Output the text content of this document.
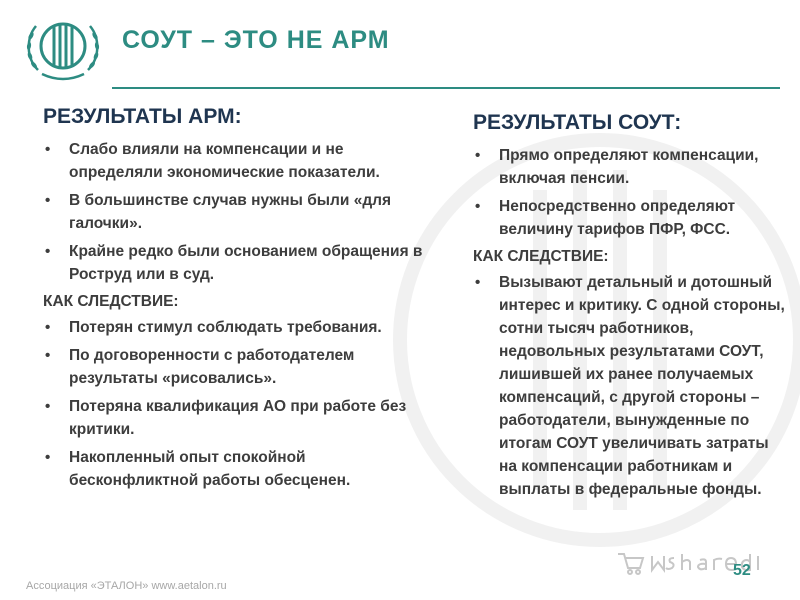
СОУТ – ЭТО НЕ АРМ
РЕЗУЛЬТАТЫ АРМ:
• Слабо влияли на компенсации и не определяли экономические показатели.
• В большинстве случав нужны были «для галочки».
• Крайне редко были основанием обращения в Роструд или в суд.
КАК СЛЕДСТВИЕ:
• Потерян стимул соблюдать требования.
• По договоренности с работодателем результаты «рисовались».
• Потеряна квалификация АО при работе без критики.
• Накопленный опыт спокойной бесконфликтной работы обесценен.
РЕЗУЛЬТАТЫ СОУТ:
• Прямо определяют компенсации, включая пенсии.
• Непосредственно определяют величину тарифов ПФР, ФСС.
КАК СЛЕДСТВИЕ:
• Вызывают детальный и дотошный интерес и критику. С одной стороны, сотни тысяч работников, недовольных результатами СОУТ, лишившей их ранее получаемых компенсаций, с другой стороны – работодатели, вынужденные по итогам СОУТ увеличивать затраты на компенсации работникам и выплаты в федеральные фонды.
Ассоциация «ЭТАЛОН» www.aetalon.ru
52
